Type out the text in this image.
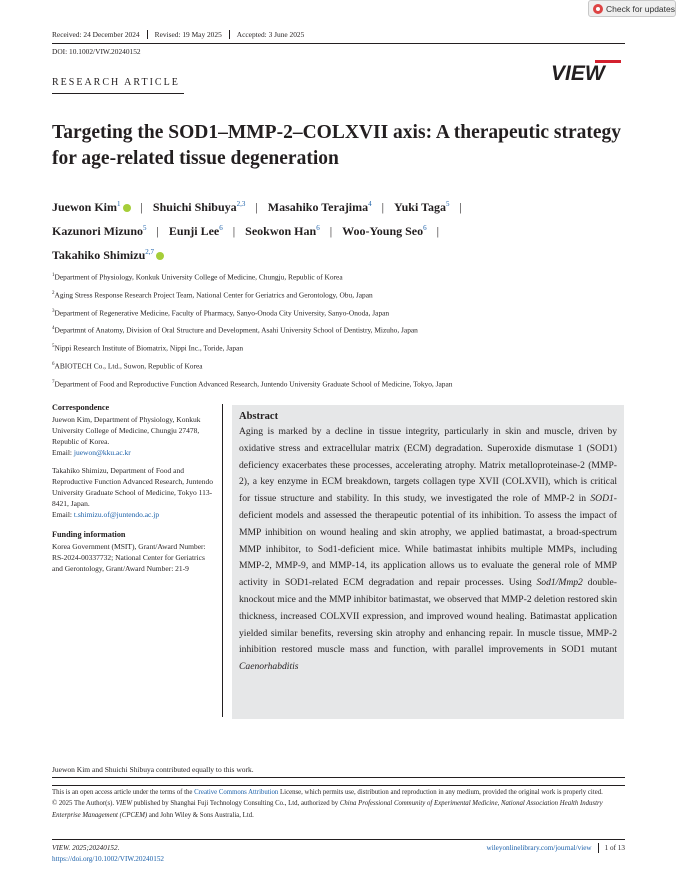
Check for updates
Received: 24 December 2024	Revised: 19 May 2025	Accepted: 3 June 2025
DOI: 10.1002/VIW.20240152
RESEARCH ARTICLE	VIEW
Targeting the SOD1–MMP-2–COLXVII axis: A therapeutic strategy for age-related tissue degeneration
Juewon Kim$^1$ | Shuichi Shibuya$^{2,3}$ | Masahiko Terajima$^4$ | Yuki Taga$^5$ |
Kazunori Mizuno$^5$ | Eunji Lee$^6$ | Seokwon Han$^6$ | Woo-Young Seo$^6$ |
Takahiko Shimizu$^{2,7}$
$^1$Department of Physiology, Konkuk University College of Medicine, Chungju, Republic of Korea
$^2$Aging Stress Response Research Project Team, National Center for Geriatrics and Gerontology, Obu, Japan
$^3$Department of Regenerative Medicine, Faculty of Pharmacy, Sanyo-Onoda City University, Sanyo-Onoda, Japan
$^4$Departmnt of Anatomy, Division of Oral Structure and Development, Asahi University School of Dentistry, Mizuho, Japan
$^5$Nippi Research Institute of Biomatrix, Nippi Inc., Toride, Japan
$^6$ABIOTECH Co., Ltd., Suwon, Republic of Korea
$^7$Department of Food and Reproductive Function Advanced Research, Juntendo University Graduate School of Medicine, Tokyo, Japan
Correspondence

Juewon Kim, Department of Physiology, Konkuk University College of Medicine, Chungju 27478, Republic of Korea.
Email: juewon@kku.ac.kr

Takahiko Shimizu, Department of Food and Reproductive Function Advanced Research, Juntendo University Graduate School of Medicine, Tokyo 113-8421, Japan.
Email: t.shimizu.of@juntendo.ac.jp

Funding information

Korea Government (MSIT), Grant/Award Number: RS-2024-00337732; National Center for Geriatrics and Gerontology, Grant/Award Number: 21-9

Abstract
Aging is marked by a decline in tissue integrity, particularly in skin and muscle, driven by oxidative stress and extracellular matrix (ECM) degradation. Superoxide dismutase 1 (SOD1) deficiency exacerbates these processes, accelerating atrophy. Matrix metalloproteinase-2 (MMP-2), a key enzyme in ECM breakdown, targets collagen type XVII (COLXVII), which is critical for tissue structure and stability. In this study, we investigated the role of MMP-2 in SOD1-deficient models and assessed the therapeutic potential of its inhibition. To assess the impact of MMP inhibition on wound healing and skin atrophy, we applied batimastat, a broad-spectrum MMP inhibitor, to Sod1-deficient mice. While batimastat inhibits multiple MMPs, including MMP-2, MMP-9, and MMP-14, its application allows us to evaluate the general role of MMP activity in SOD1-related ECM degradation and repair processes. Using Sod1/Mmp2 double-knockout mice and the MMP inhibitor batimastat, we observed that MMP-2 deletion restored skin thickness, increased COLXVII expression, and improved wound healing. Batimastat application yielded similar benefits, reversing skin atrophy and enhancing repair. In muscle tissue, MMP-2 inhibition restored muscle mass and function, with parallel improvements in SOD1 mutant Caenorhabditis
Juewon Kim and Shuichi Shibuya contributed equally to this work.

This is an open access article under the terms of the Creative Commons Attribution License, which permits use, distribution and reproduction in any medium, provided the original work is properly cited.

© 2025 The Author(s). VIEW published by Shanghai Fuji Technology Consulting Co., Ltd, authorized by China Professional Community of Experimental Medicine, National Association Health Industry Enterprise Management (CPCEM) and John Wiley & Sons Australia, Ltd.

VIEW. 2025;20240152.
https://doi.org/10.1002/VIW.20240152
wileyonlinelibrary.com/journal/view 1 of 13
